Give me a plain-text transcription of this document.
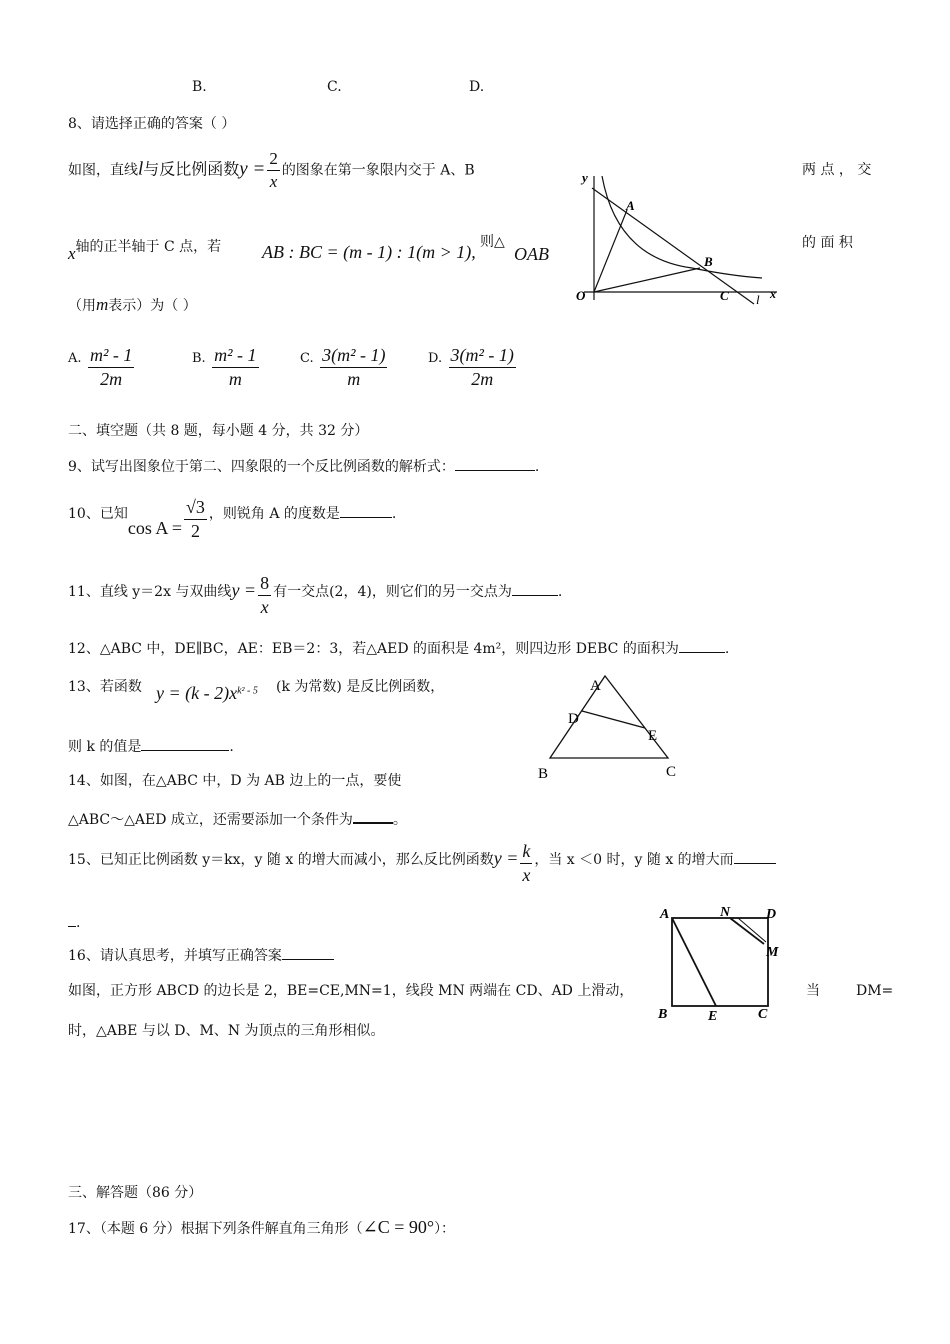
B.	C.	D.
8、请选择正确的答案（ ）
如图，直线l与反比例函数$y = \frac{2}{x}$ 的图象在第一象限内交于 A、B	两 点 ， 交
x轴的正半轴于 C 点，若 AB : BC = (m - 1) : 1(m > 1), 则△
OAB
的 面 积
（用m表示）为（ ）
y
A
B
O	C l x
A. $\frac{\text{m² - 1}}{2m}$	B. $\frac{\text{m² - 1}}{m}$	C. $\frac{\text{3(m² - 1)}}{m}$	D. $\frac{\text{3(m² - 1)}}{2m}$
二、填空题（共 8 题，每小题 4 分，共 32 分）
9、试写出图象位于第二、四象限的一个反比例函数的解析式：	.
10、已知$\cos A = \frac{√3}{2}$ ，则锐角 A 的度数是	.
11、直线 y＝2x 与双曲线$y = \frac{8}{x}$ 有一交点(2，4)，则它们的另一交点为	.
12、△ABC 中，DE∥BC，AE：EB＝2：3，若△AED 的面积是 4m²，则四边形 DEBC 的面积为	.
13、若函数 $y = (k - 2)x^{k^2 - 5}$ (k 为常数) 是反比例函数，
则 k 的值是	.
A
D
E
B	C
14、如图，在△ABC 中，D 为 AB 边上的一点，要使
△ABC～△AED 成立，还需要添加一个条件为	。
15、已知正比例函数 y＝kx，y 随 x 的增大而减小，那么反比例函数$y = \frac{k}{x}$ ，当 x ＜0 时，y 随 x 的增大而
.
A	N	D
M
B	E	C
16、请认真思考，并填写正确答案
如图，正方形 ABCD 的边长是 2，BE=CE,MN=1，线段 MN 两端在 CD、AD 上滑动，	当	DM=
时，△ABE 与以 D、M、N 为顶点的三角形相似。
三、解答题（86 分）
17、（本题 6 分）根据下列条件解直角三角形（∠C = 90°）：
